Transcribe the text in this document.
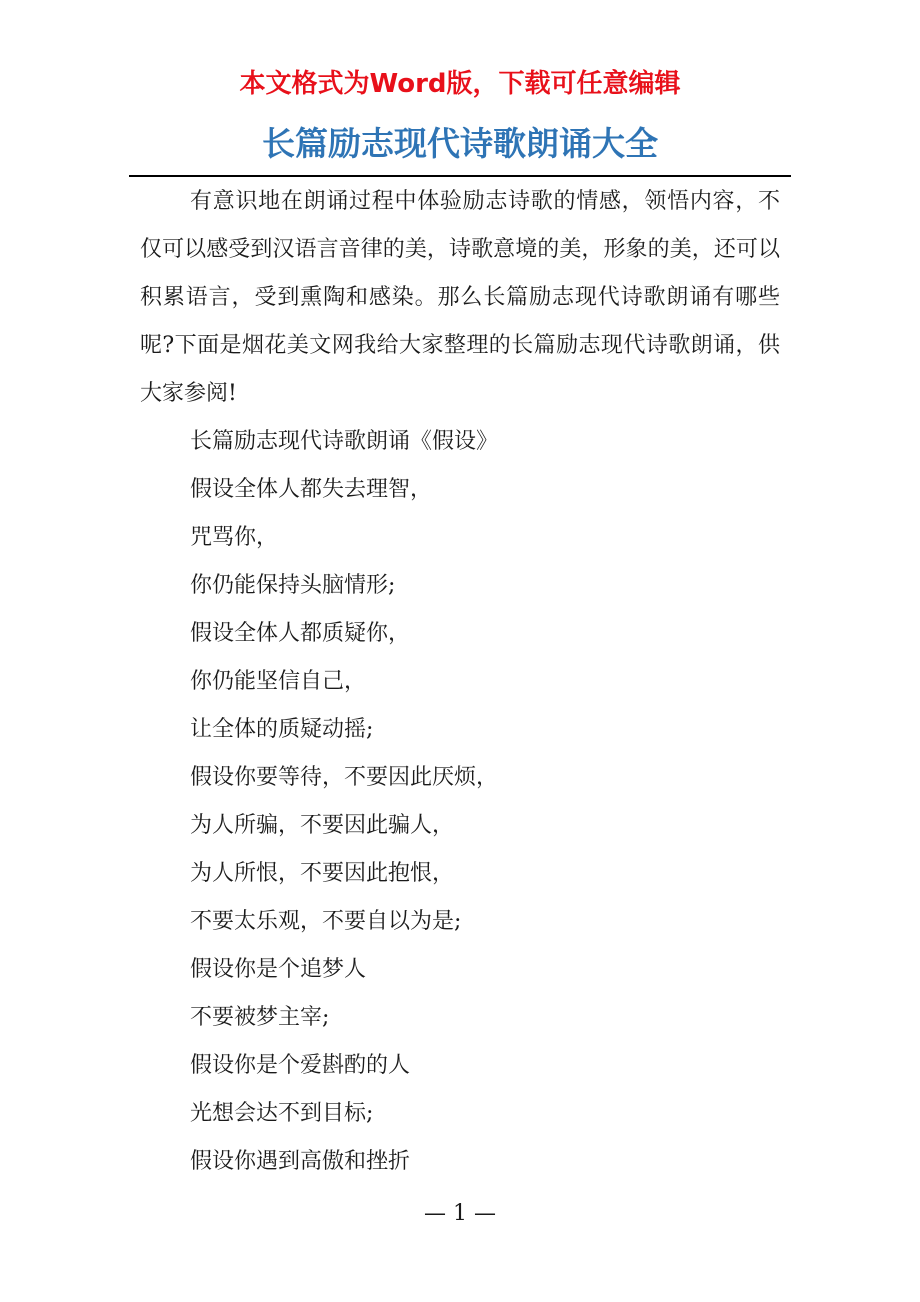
本文格式为Word版，下载可任意编辑
长篇励志现代诗歌朗诵大全

有意识地在朗诵过程中体验励志诗歌的情感，领悟内容，不仅可以感受到汉语言音律的美，诗歌意境的美，形象的美，还可以积累语言，受到熏陶和感染。那么长篇励志现代诗歌朗诵有哪些呢?下面是烟花美文网我给大家整理的长篇励志现代诗歌朗诵，供大家参阅!

长篇励志现代诗歌朗诵《假设》

假设全体人都失去理智，

咒骂你，

你仍能保持头脑情形;

假设全体人都质疑你，

你仍能坚信自己，

让全体的质疑动摇;

假设你要等待，不要因此厌烦，

为人所骗，不要因此骗人，

为人所恨，不要因此抱恨，

不要太乐观，不要自以为是;

假设你是个追梦人

不要被梦主宰;

假设你是个爱斟酌的人

光想会达不到目标;

假设你遇到高傲和挫折

— 1 —
